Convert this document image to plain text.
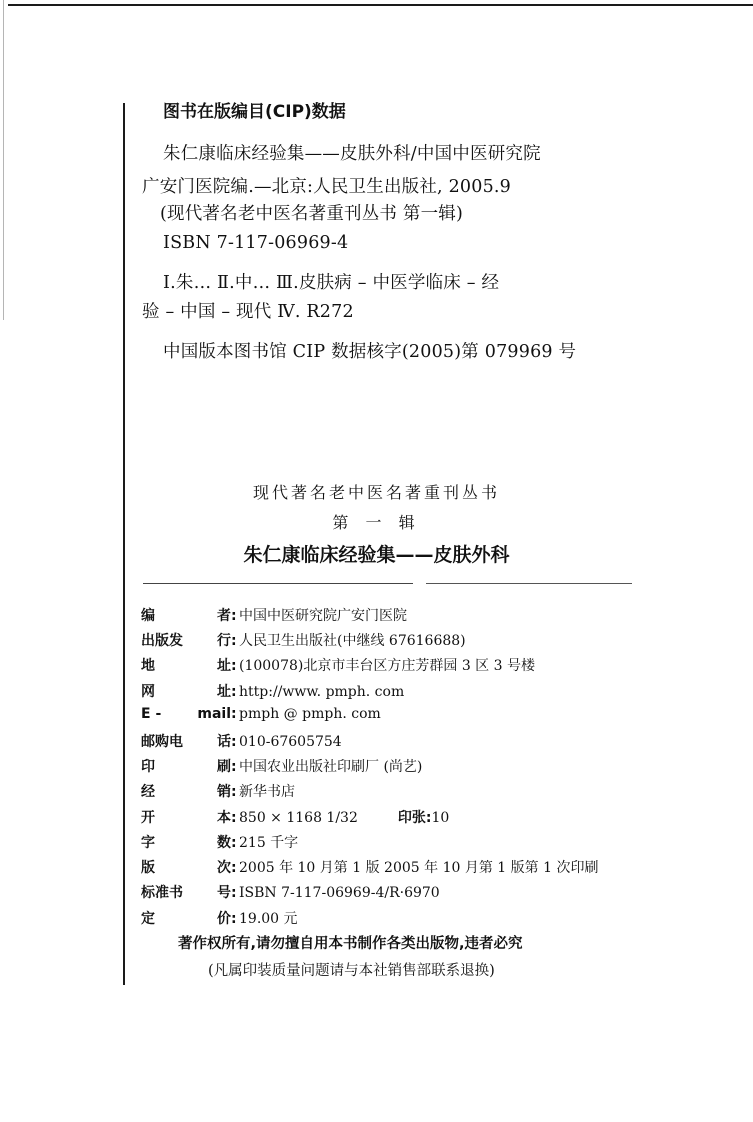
图书在版编目(CIP)数据
朱仁康临床经验集——皮肤外科/中国中医研究院
广安门医院编.—北京:人民卫生出版社, 2005.9
(现代著名老中医名著重刊丛书 第一辑)
ISBN 7-117-06969-4
Ⅰ.朱… Ⅱ.中… Ⅲ.皮肤病 – 中医学临床 – 经
验 – 中国 – 现代 Ⅳ. R272
中国版本图书馆 CIP 数据核字(2005)第 079969 号
现代著名老中医名著重刊丛书
第 一 辑
朱仁康临床经验集——皮肤外科
编	者 : 中国中医研究院广安门医院
出版发 行 : 人民卫生出版社(中继线 67616688)
地	址 : (100078)北京市丰台区方庄芳群园 3 区 3 号楼
网	址 : http://www. pmph. com
E -	mail : pmph @ pmph. com
邮购电 话 : 010-67605754
印	刷 : 中国农业出版社印刷厂 (尚艺)
经	销 : 新华书店
开	本 : 850 × 1168 1/32	印张: 10
字	数 : 215 千字
版	次 : 2005 年 10 月第 1 版 2005 年 10 月第 1 版第 1 次印刷
标准书 号 : ISBN 7-117-06969-4/R·6970
定	价 : 19.00 元
著作权所有,请勿擅自用本书制作各类出版物,违者必究
(凡属印装质量问题请与本社销售部联系退换)
